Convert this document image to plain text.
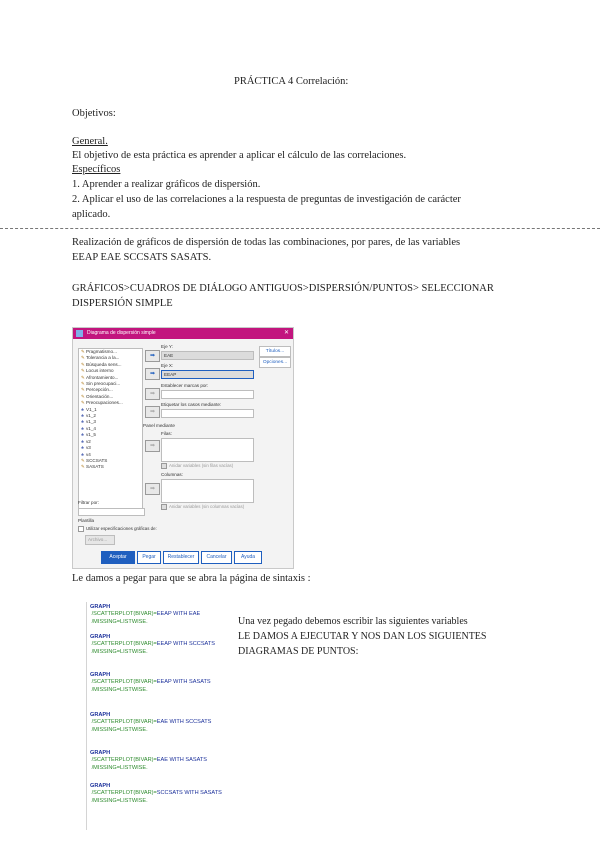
PRÁCTICA 4 Correlación:
Objetivos:
General.
El objetivo de esta práctica es aprender a aplicar el cálculo de las correlaciones.
Específicos
1. Aprender a realizar gráficos de dispersión.
2. Aplicar el uso de las correlaciones a la respuesta de preguntas de investigación de carácter
aplicado.
Realización de gráficos de dispersión de todas las combinaciones, por pares, de las variables
EEAP EAE SCCSATS SASATS.
GRÁFICOS>CUADROS DE DIÁLOGO ANTIGUOS>DISPERSIÓN/PUNTOS> SELECCIONAR
DISPERSIÓN SIMPLE
Diagrama de dispersión simple	✕
✎Pragmatismo...
✎Tolerancia a la...
✎Búsqueda sens...
✎Locus interno
✎Afrontamiento...
✎Sin preocupaci...
✎Percepción...
✎Orientación...
✎Preocupaciones...
♣ V1_1
♣ v1_2
♣ v1_3
♣ v1_4
♣ v1_5
♣ v2
♣ v3
♣ v4
✎SCCSATS
✎SASATS
Filtrar por:
➡
➡
➡
➡
➡
➡
Eje Y:
EAE
Eje X:
EEAP
Establecer marcas por:
Etiquetar los casos mediante:
Panel mediante
Filas:
Anidar variables (sin filas vacías)
Columnas:
Anidar variables (sin columnas vacías)
Títulos...
Opciones...
Plantilla
Utilizar especificaciones gráficas de:
Archivo...
Aceptar	Pegar	Restablecer	Cancelar	Ayuda
Le damos a pegar para que se abra la página de sintaxis :
GRAPH
/SCATTERPLOT(BIVAR)=EEAP WITH EAE
/MISSING=LISTWISE.
GRAPH
/SCATTERPLOT(BIVAR)=EEAP WITH SCCSATS
/MISSING=LISTWISE.
GRAPH
/SCATTERPLOT(BIVAR)=EEAP WITH SASATS
/MISSING=LISTWISE.
GRAPH
/SCATTERPLOT(BIVAR)=EAE WITH SCCSATS
/MISSING=LISTWISE.
GRAPH
/SCATTERPLOT(BIVAR)=EAE WITH SASATS
/MISSING=LISTWISE.
GRAPH
/SCATTERPLOT(BIVAR)=SCCSATS WITH SASATS
/MISSING=LISTWISE.
Una vez pegado debemos escribir las siguientes variables
LE DAMOS A EJECUTAR Y NOS DAN LOS SIGUIENTES
DIAGRAMAS DE PUNTOS:
